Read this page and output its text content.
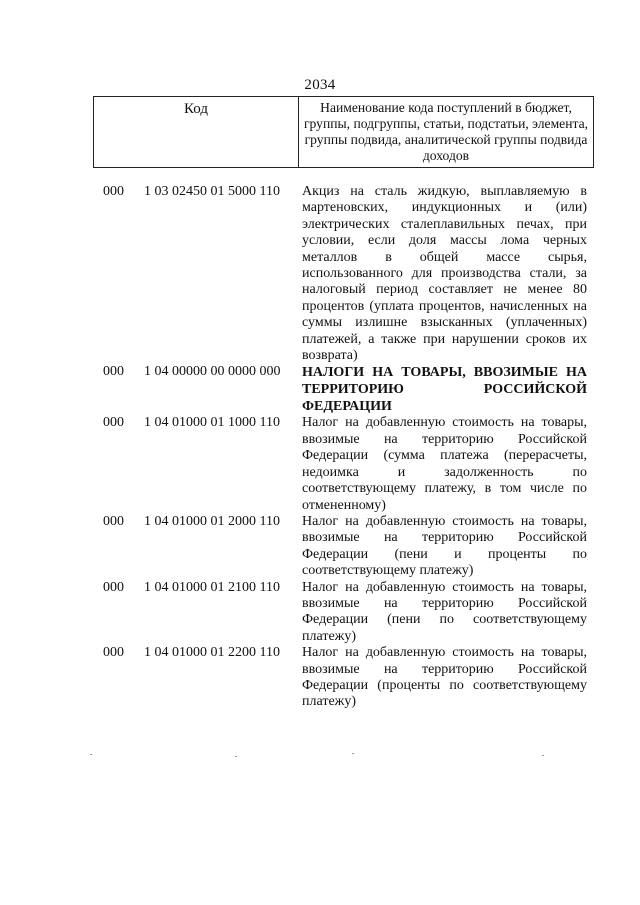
2034
Код	Наименование кода поступлений в бюджет, группы, подгруппы, статьи, подстатьи, элемента, группы подвида, аналитической группы подвида доходов
000	1 03 02450 01 5000 110	Акциз на сталь жидкую, выплавляемую в мартеновских, индукционных и (или) электрических сталеплавильных печах, при условии, если доля массы лома черных металлов в общей массе сырья, использованного для производства стали, за налоговый период составляет не менее 80 процентов (уплата процентов, начисленных на суммы излишне взысканных (уплаченных) платежей, а также при нарушении сроков их возврата)
000	1 04 00000 00 0000 000	НАЛОГИ НА ТОВАРЫ, ВВОЗИМЫЕ НА ТЕРРИТОРИЮ РОССИЙСКОЙ ФЕДЕРАЦИИ
000	1 04 01000 01 1000 110	Налог на добавленную стоимость на товары, ввозимые на территорию Российской Федерации (сумма платежа (перерасчеты, недоимка и задолженность по соответствующему платежу, в том числе по отмененному)
000	1 04 01000 01 2000 110	Налог на добавленную стоимость на товары, ввозимые на территорию Российской Федерации (пени и проценты по соответствующему платежу)
000	1 04 01000 01 2100 110	Налог на добавленную стоимость на товары, ввозимые на территорию Российской Федерации (пени по соответствующему платежу)
000	1 04 01000 01 2200 110	Налог на добавленную стоимость на товары, ввозимые на территорию Российской Федерации (проценты по соответствующему платежу)
